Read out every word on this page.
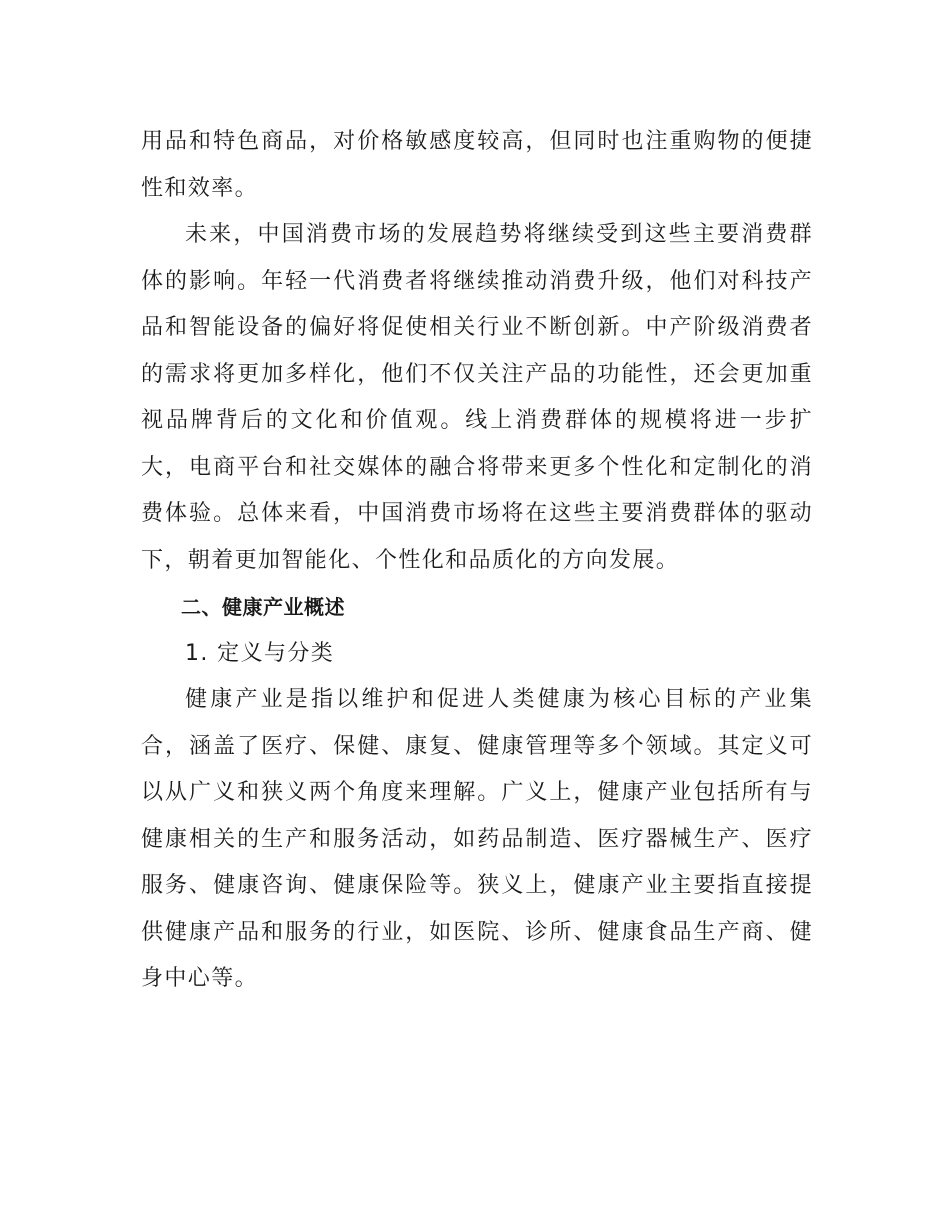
用品和特色商品，对价格敏感度较高，但同时也注重购物的便捷性和效率。

未来，中国消费市场的发展趋势将继续受到这些主要消费群体的影响。年轻一代消费者将继续推动消费升级，他们对科技产品和智能设备的偏好将促使相关行业不断创新。中产阶级消费者的需求将更加多样化，他们不仅关注产品的功能性，还会更加重视品牌背后的文化和价值观。线上消费群体的规模将进一步扩大，电商平台和社交媒体的融合将带来更多个性化和定制化的消费体验。总体来看，中国消费市场将在这些主要消费群体的驱动下，朝着更加智能化、个性化和品质化的方向发展。

二、健康产业概述

1. 定义与分类

健康产业是指以维护和促进人类健康为核心目标的产业集合，涵盖了医疗、保健、康复、健康管理等多个领域。其定义可以从广义和狭义两个角度来理解。广义上，健康产业包括所有与健康相关的生产和服务活动，如药品制造、医疗器械生产、医疗服务、健康咨询、健康保险等。狭义上，健康产业主要指直接提供健康产品和服务的行业，如医院、诊所、健康食品生产商、健身中心等。
